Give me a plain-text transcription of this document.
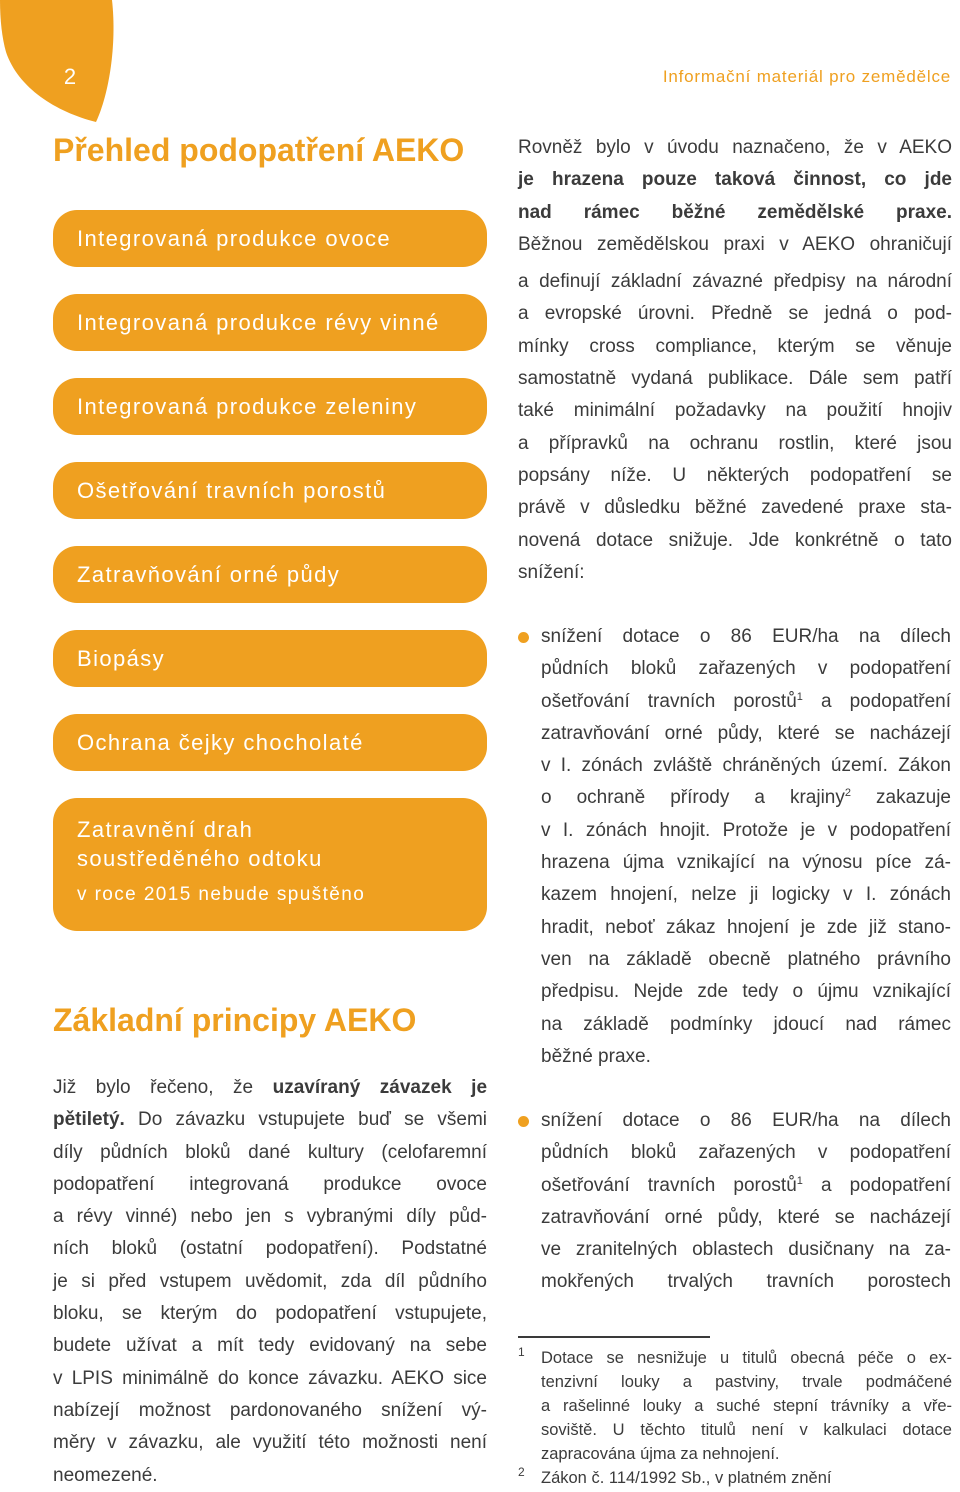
2	Informační materiál pro zemědělce
Přehled podopatření AEKO
Integrovaná produkce ovoce
Integrovaná produkce révy vinné
Integrovaná produkce zeleniny
Ošetřování travních porostů
Zatravňování orné půdy
Biopásy
Ochrana čejky chocholaté
Zatravnění drah
soustředěného odtoku
v roce 2015 nebude spuštěno
Základní principy AEKO
Již bylo řečeno, že uzavíraný závazek je
pětiletý. Do závazku vstupujete buď se všemi
díly půdních bloků dané kultury (celofaremní
podopatření integrovaná produkce ovoce
a révy vinné) nebo jen s vybranými díly půd-
ních bloků (ostatní podopatření). Podstatné
je si před vstupem uvědomit, zda díl půdního
bloku, se kterým do podopatření vstupujete,
budete užívat a mít tedy evidovaný na sebe
v LPIS minimálně do konce závazku. AEKO sice
nabízejí možnost pardonovaného snížení vý-
měry v závazku, ale využití této možnosti není
neomezené.
Rovněž bylo v úvodu naznačeno, že v AEKO
je hrazena pouze taková činnost, co jde
nad rámec běžné zemědělské praxe.
Běžnou zemědělskou praxi v AEKO ohraničují
a definují základní závazné předpisy na národní
a evropské úrovni. Předně se jedná o pod-
mínky cross compliance, kterým se věnuje
samostatně vydaná publikace. Dále sem patří
také minimální požadavky na použití hnojiv
a přípravků na ochranu rostlin, které jsou
popsány níže. U některých podopatření se
právě v důsledku běžné zavedené praxe sta-
novená dotace snižuje. Jde konkrétně o tato
snížení:
snížení dotace o 86 EUR/ha na dílech
půdních bloků zařazených v podopatření
ošetřování travních porostů$^1$ a podopatření
zatravňování orné půdy, které se nacházejí
v I. zónách zvláště chráněných území. Zákon
o ochraně přírody a krajiny$^2$ zakazuje
v I. zónách hnojit. Protože je v podopatření
hrazena újma vznikající na výnosu píce zá-
kazem hnojení, nelze ji logicky v I. zónách
hradit, neboť zákaz hnojení je zde již stano-
ven na základě obecně platného právního
předpisu. Nejde zde tedy o újmu vznikající
na základě podmínky jdoucí nad rámec
běžné praxe.
snížení dotace o 86 EUR/ha na dílech
půdních bloků zařazených v podopatření
ošetřování travních porostů$^1$ a podopatření
zatravňování orné půdy, které se nacházejí
ve zranitelných oblastech dusičnany na za-
mokřených trvalých travních porostech
1 Dotace se nesnižuje u titulů obecná péče o ex-
tenzivní louky a pastviny, trvale podmáčené
a rašelinné louky a suché stepní trávníky a vře-
soviště. U těchto titulů není v kalkulaci dotace
zapracována újma za nehnojení.
2 Zákon č. 114/1992 Sb., v platném znění
